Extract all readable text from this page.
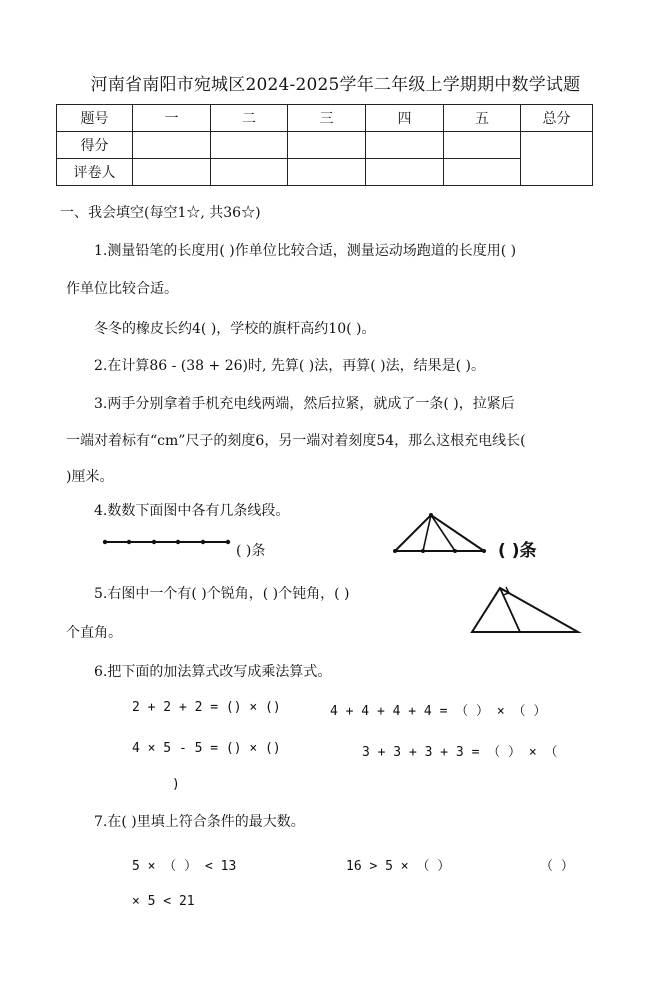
河南省南阳市宛城区2024-2025学年二年级上学期期中数学试题
题号	一	二	三	四	五	总分
得分						
评卷人						
一、我会填空(每空1☆, 共36☆)
1.测量铅笔的长度用( )作单位比较合适，测量运动场跑道的长度用( )
作单位比较合适。
冬冬的橡皮长约4( )，学校的旗杆高约10( )。
2.在计算86 - (38 + 26)时, 先算( )法，再算( )法，结果是( )。
3.两手分别拿着手机充电线两端，然后拉紧，就成了一条( )，拉紧后
一端对着标有“cm”尺子的刻度6，另一端对着刻度54，那么这根充电线长(
)厘米。
4.数数下面图中各有几条线段。
( )条	( )条
5.右图中一个有( )个锐角，( )个钝角，( )
个直角。
6.把下面的加法算式改写成乘法算式。
2 + 2 + 2 = () × ()	4 + 4 + 4 + 4 = （ ） × （ ）
4 × 5 - 5 = () × ()	3 + 3 + 3 + 3 = （ ） × （
)
7.在( )里填上符合条件的最大数。
5 × （ ） < 13	16 > 5 × （ ）	（ ）
× 5 < 21
